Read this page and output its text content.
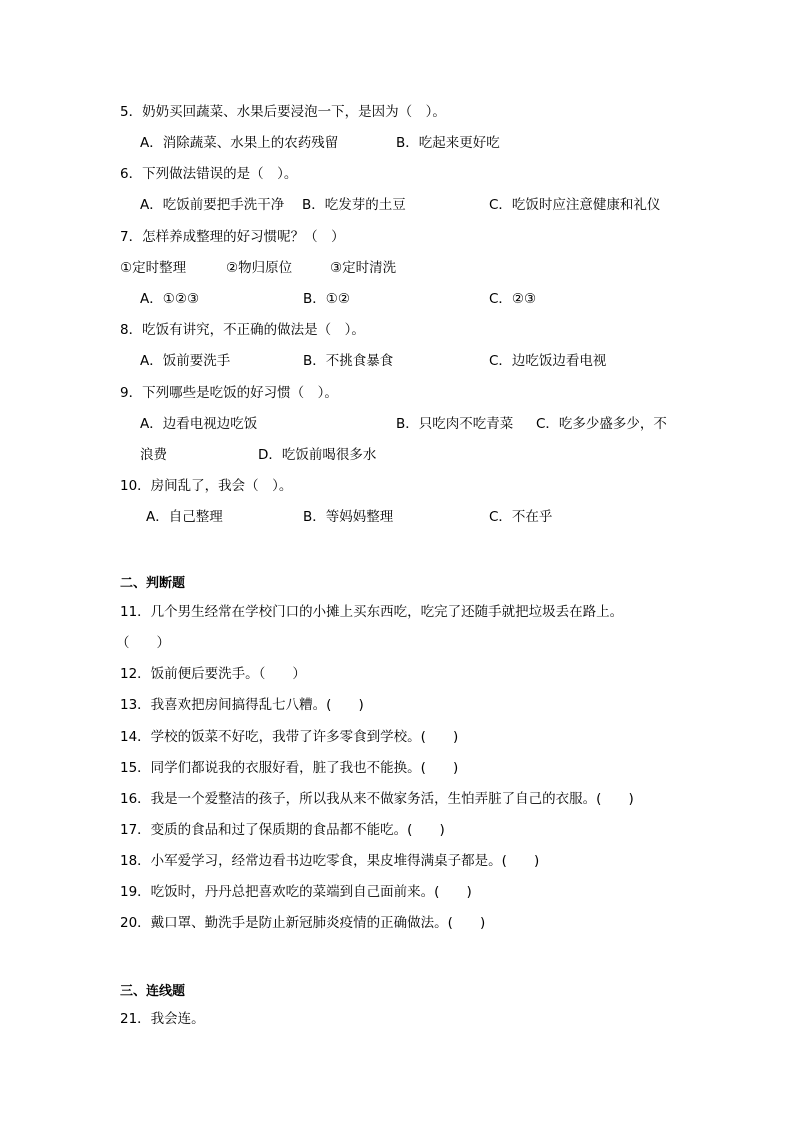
5．奶奶买回蔬菜、水果后要浸泡一下，是因为（　）。
A．消除蔬菜、水果上的农药残留	B．吃起来更好吃
6．下列做法错误的是（　）。
A．吃饭前要把手洗干净 B．吃发芽的土豆	C．吃饭时应注意健康和礼仪
7．怎样养成整理的好习惯呢？（　）
①定时整理	②物归原位	③定时清洗
A．①②③	B．①②	C．②③
8．吃饭有讲究，不正确的做法是（　）。
A．饭前要洗手	B．不挑食暴食	C．边吃饭边看电视
9．下列哪些是吃饭的好习惯（　）。
A．边看电视边吃饭	B．只吃肉不吃青菜 C．吃多少盛多少，不
浪费	D．吃饭前喝很多水
10．房间乱了，我会（　）。
A．自己整理	B．等妈妈整理	C．不在乎
二、判断题
11．几个男生经常在学校门口的小摊上买东西吃，吃完了还随手就把垃圾丢在路上。
（　　）
12．饭前便后要洗手。（　　）
13．我喜欢把房间搞得乱七八糟。(　　)
14．学校的饭菜不好吃，我带了许多零食到学校。(　　)
15．同学们都说我的衣服好看，脏了我也不能换。(　　)
16．我是一个爱整洁的孩子，所以我从来不做家务活，生怕弄脏了自己的衣服。(　　)
17．变质的食品和过了保质期的食品都不能吃。(　　)
18．小军爱学习，经常边看书边吃零食，果皮堆得满桌子都是。(　　)
19．吃饭时，丹丹总把喜欢吃的菜端到自己面前来。(　　)
20．戴口罩、勤洗手是防止新冠肺炎疫情的正确做法。(　　)
三、连线题
21．我会连。
